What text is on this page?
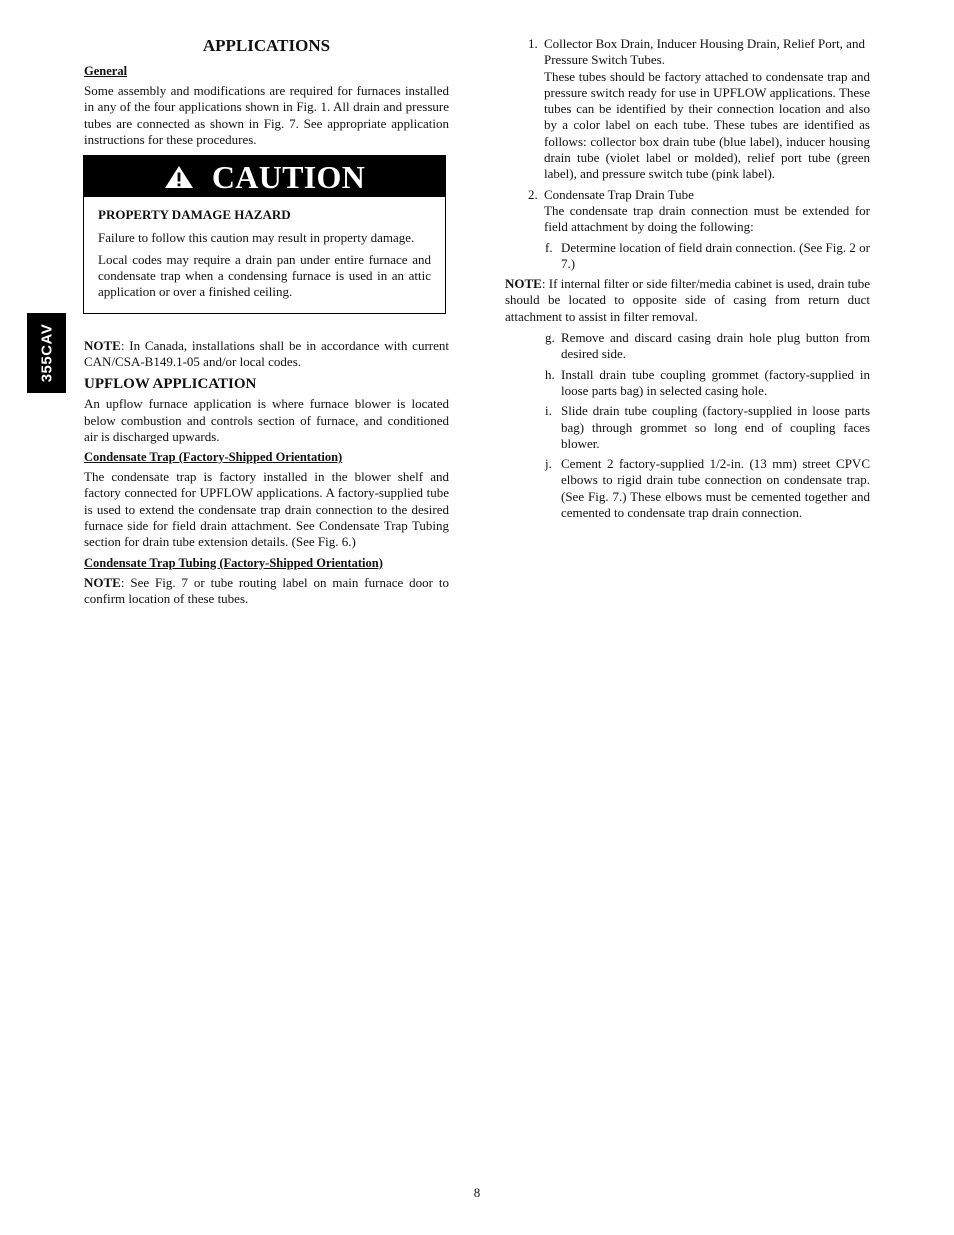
355CAV
APPLICATIONS
General

Some assembly and modifications are required for furnaces installed in any of the four applications shown in Fig. 1. All drain and pressure tubes are connected as shown in Fig. 7. See appropriate application instructions for these procedures.

CAUTION
PROPERTY DAMAGE HAZARD

Failure to follow this caution may result in property damage.

Local codes may require a drain pan under entire furnace and condensate trap when a condensing furnace is used in an attic application or over a finished ceiling.

NOTE: In Canada, installations shall be in accordance with current CAN/CSA-B149.1-05 and/or local codes.

UPFLOW APPLICATION

An upflow furnace application is where furnace blower is located below combustion and controls section of furnace, and conditioned air is discharged upwards.

Condensate Trap (Factory-Shipped Orientation)

The condensate trap is factory installed in the blower shelf and factory connected for UPFLOW applications. A factory-supplied tube is used to extend the condensate trap drain connection to the desired furnace side for field drain attachment. See Condensate Trap Tubing section for drain tube extension details. (See Fig. 6.)

Condensate Trap Tubing (Factory-Shipped Orientation)

NOTE: See Fig. 7 or tube routing label on main furnace door to confirm location of these tubes.

1. Collector Box Drain, Inducer Housing Drain, Relief Port, and Pressure Switch Tubes.
These tubes should be factory attached to condensate trap and pressure switch ready for use in UPFLOW applications. These tubes can be identified by their connection location and also by a color label on each tube. These tubes are identified as follows: collector box drain tube (blue label), inducer housing drain tube (violet label or molded), relief port tube (green label), and pressure switch tube (pink label).
2. Condensate Trap Drain Tube
The condensate trap drain connection must be extended for field attachment by doing the following:
f. Determine location of field drain connection. (See Fig. 2 or 7.)

NOTE: If internal filter or side filter/media cabinet is used, drain tube should be located to opposite side of casing from return duct attachment to assist in filter removal.

g. Remove and discard casing drain hole plug button from desired side.
h. Install drain tube coupling grommet (factory-supplied in loose parts bag) in selected casing hole.
i. Slide drain tube coupling (factory-supplied in loose parts bag) through grommet so long end of coupling faces blower.
j. Cement 2 factory-supplied 1/2-in. (13 mm) street CPVC elbows to rigid drain tube connection on condensate trap. (See Fig. 7.) These elbows must be cemented together and cemented to condensate trap drain connection.
8
